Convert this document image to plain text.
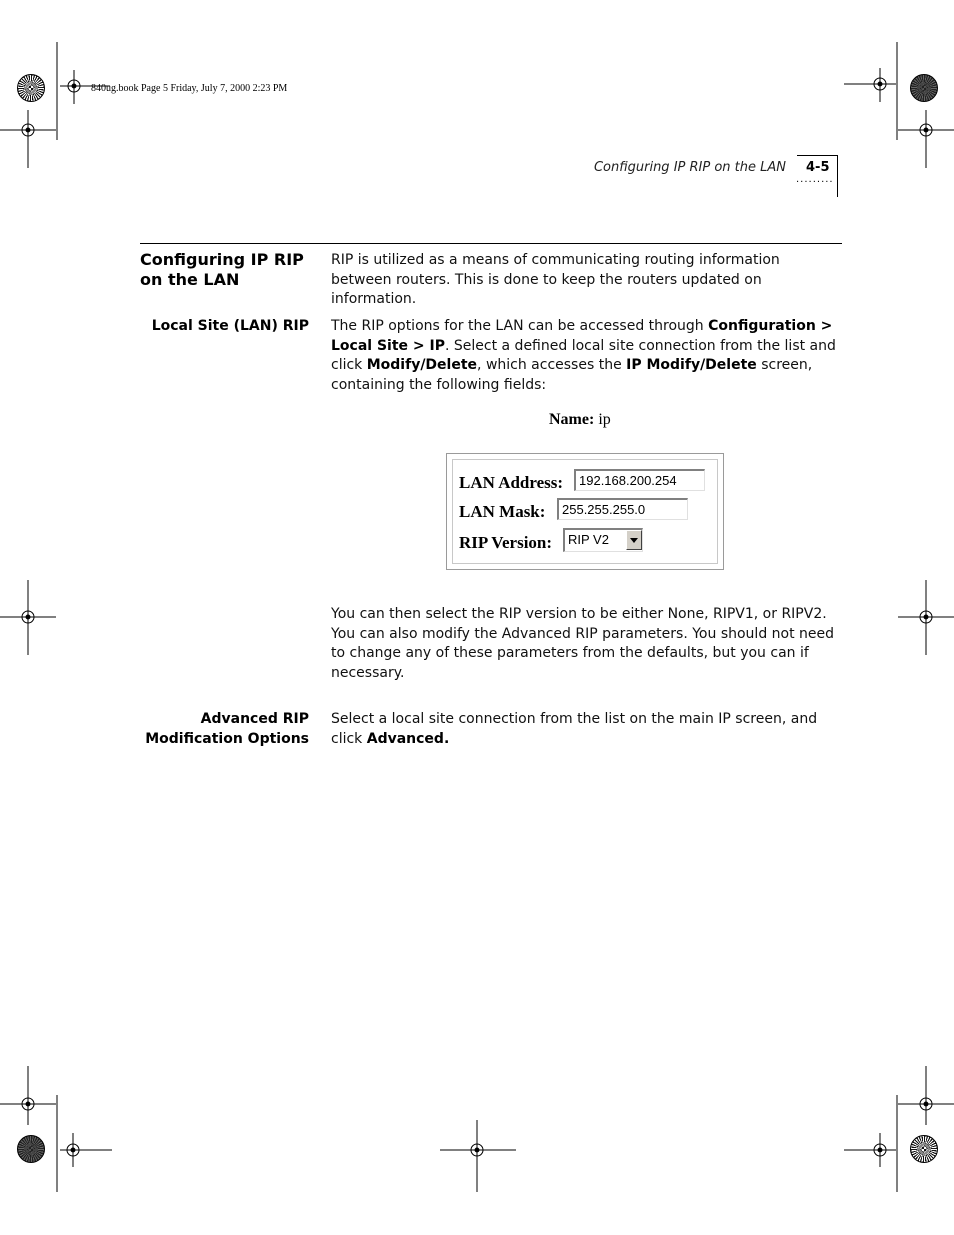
840ug.book Page 5 Friday, July 7, 2000 2:23 PM
Configuring IP RIP on the LAN 4-5
·········
Configuring IP RIP on the LAN
RIP is utilized as a means of communicating routing information between routers. This is done to keep the routers updated on information.
Local Site (LAN) RIP The RIP options for the LAN can be accessed through Configuration > Local Site > IP. Select a defined local site connection from the list and click Modify/Delete, which accesses the IP Modify/Delete screen, containing the following fields:
Name: ip
LAN Address:	192.168.200.254
LAN Mask:	255.255.255.0
RIP Version: RIP V2
You can then select the RIP version to be either None, RIPV1, or RIPV2. You can also modify the Advanced RIP parameters. You should not need to change any of these parameters from the defaults, but you can if necessary.
Advanced RIP
Modification Options
Select a local site connection from the list on the main IP screen, and click Advanced.
